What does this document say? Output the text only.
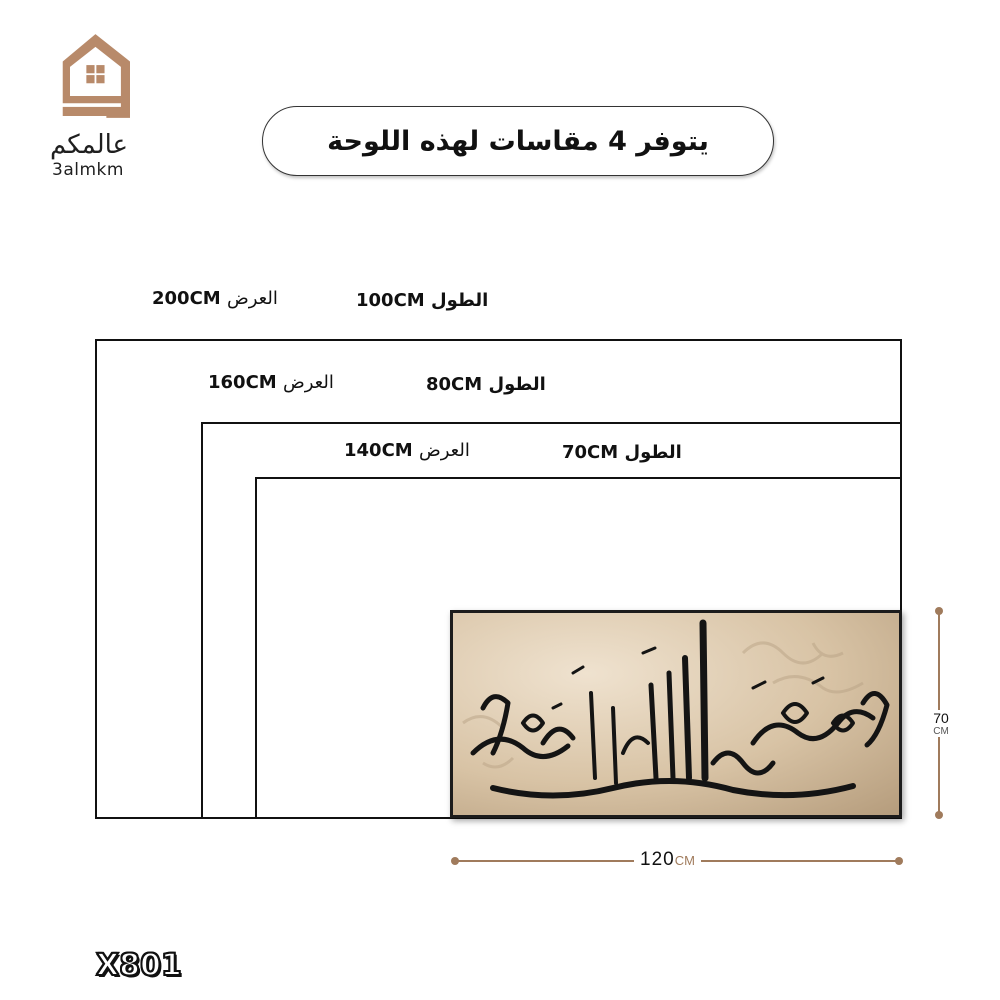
عالمكم
3almkm
يتوفر 4 مقاسات لهذه اللوحة
200CM العرض	100CM الطول
160CM العرض	80CM الطول
140CM العرض	70CM الطول
70
CM
120CM
X801
